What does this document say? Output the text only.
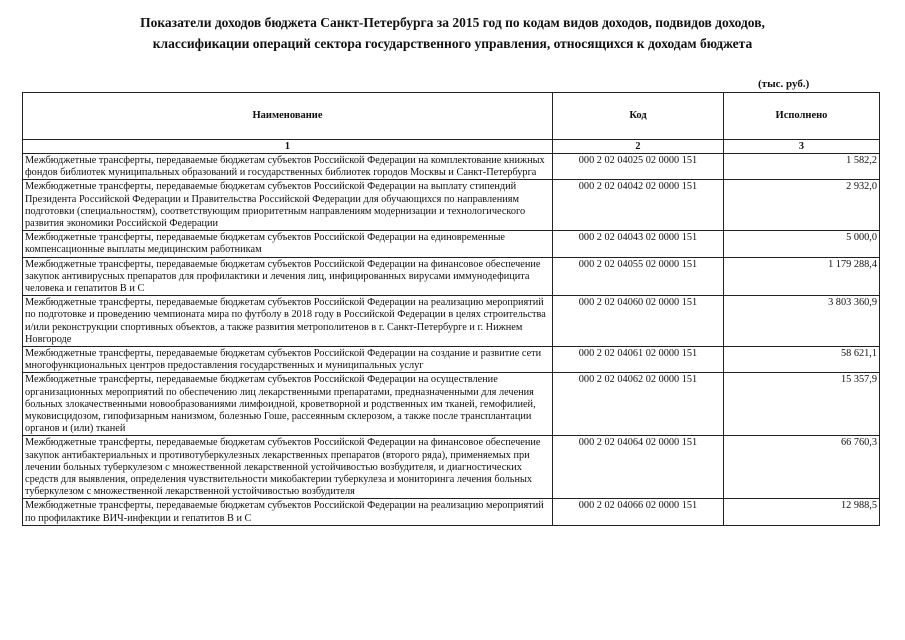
Показатели доходов бюджета Санкт-Петербурга за 2015 год по кодам видов доходов, подвидов доходов,
классификации операций сектора государственного управления, относящихся к доходам бюджета
(тыс. руб.)
Наименование	Код	Исполнено
1	2	3
Межбюджетные трансферты, передаваемые бюджетам субъектов Российской Федерации на комплектование книжных фондов библиотек муниципальных образований и государственных библиотек городов Москвы и Санкт-Петербурга	000 2 02 04025 02 0000 151	1 582,2
Межбюджетные трансферты, передаваемые бюджетам субъектов Российской Федерации на выплату стипендий Президента Российской Федерации и Правительства Российской Федерации для обучающихся по направлениям подготовки (специальностям), соответствующим приоритетным направлениям модернизации и технологического развития экономики Российской Федерации	000 2 02 04042 02 0000 151	2 932,0
Межбюджетные трансферты, передаваемые бюджетам субъектов Российской Федерации на единовременные компенсационные выплаты медицинским работникам	000 2 02 04043 02 0000 151	5 000,0
Межбюджетные трансферты, передаваемые бюджетам субъектов Российской Федерации на финансовое обеспечение закупок антивирусных препаратов для профилактики и лечения лиц, инфицированных вирусами иммунодефицита человека и гепатитов В и С	000 2 02 04055 02 0000 151	1 179 288,4
Межбюджетные трансферты, передаваемые бюджетам субъектов Российской Федерации на реализацию мероприятий по подготовке и проведению чемпионата мира по футболу в 2018 году в Российской Федерации в целях строительства и/или реконструкции спортивных объектов, а также развития метрополитенов в г. Санкт-Петербурге и г. Нижнем Новгороде	000 2 02 04060 02 0000 151	3 803 360,9
Межбюджетные трансферты, передаваемые бюджетам субъектов Российской Федерации на создание и развитие сети многофункциональных центров предоставления государственных и муниципальных услуг	000 2 02 04061 02 0000 151	58 621,1
Межбюджетные трансферты, передаваемые бюджетам субъектов Российской Федерации на осуществление организационных мероприятий по обеспечению лиц лекарственными препаратами, предназначенными для лечения больных злокачественными новообразованиями лимфоидной, кроветворной и родственных им тканей, гемофилией, муковисцидозом, гипофизарным нанизмом, болезнью Гоше, рассеянным склерозом, а также после трансплантации органов и (или) тканей	000 2 02 04062 02 0000 151	15 357,9
Межбюджетные трансферты, передаваемые бюджетам субъектов Российской Федерации на финансовое обеспечение закупок антибактериальных и противотуберкулезных лекарственных препаратов (второго ряда), применяемых при лечении больных туберкулезом с множественной лекарственной устойчивостью возбудителя, и диагностических средств для выявления, определения чувствительности микобактерии туберкулеза и мониторинга лечения больных туберкулезом с множественной лекарственной устойчивостью возбудителя	000 2 02 04064 02 0000 151	66 760,3
Межбюджетные трансферты, передаваемые бюджетам субъектов Российской Федерации на реализацию мероприятий по профилактике ВИЧ-инфекции и гепатитов В и С	000 2 02 04066 02 0000 151	12 988,5
